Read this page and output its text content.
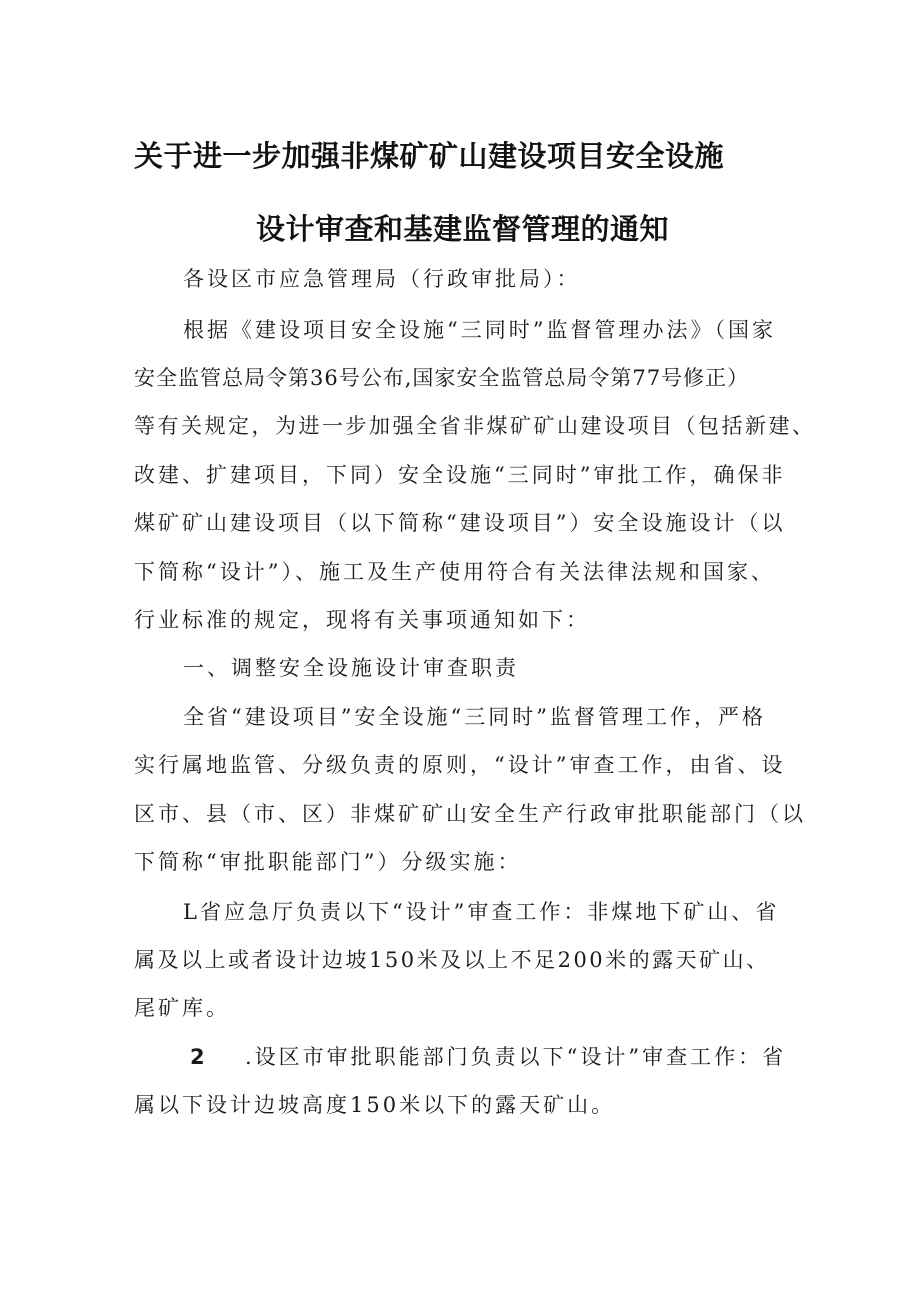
关于进一步加强非煤矿矿山建设项目安全设施
设计审查和基建监督管理的通知
各设区市应急管理局（行政审批局）：
根据《建设项目安全设施“三同时”监督管理办法》（国家
安全监管总局令第36号公布,国家安全监管总局令第77号修正）
等有关规定，为进一步加强全省非煤矿矿山建设项目（包括新建、
改建、扩建项目，下同）安全设施“三同时”审批工作，确保非
煤矿矿山建设项目（以下简称“建设项目”）安全设施设计（以
下简称“设计”）、施工及生产使用符合有关法律法规和国家、
行业标准的规定，现将有关事项通知如下：
一、调整安全设施设计审查职责
全省“建设项目”安全设施“三同时”监督管理工作，严格
实行属地监管、分级负责的原则，“设计”审查工作，由省、设
区市、县（市、区）非煤矿矿山安全生产行政审批职能部门（以
下简称“审批职能部门”）分级实施：
L省应急厅负责以下“设计”审查工作：非煤地下矿山、省
属及以上或者设计边坡150米及以上不足200米的露天矿山、
尾矿库。
2 .设区市审批职能部门负责以下“设计”审查工作：省
属以下设计边坡高度150米以下的露天矿山。
